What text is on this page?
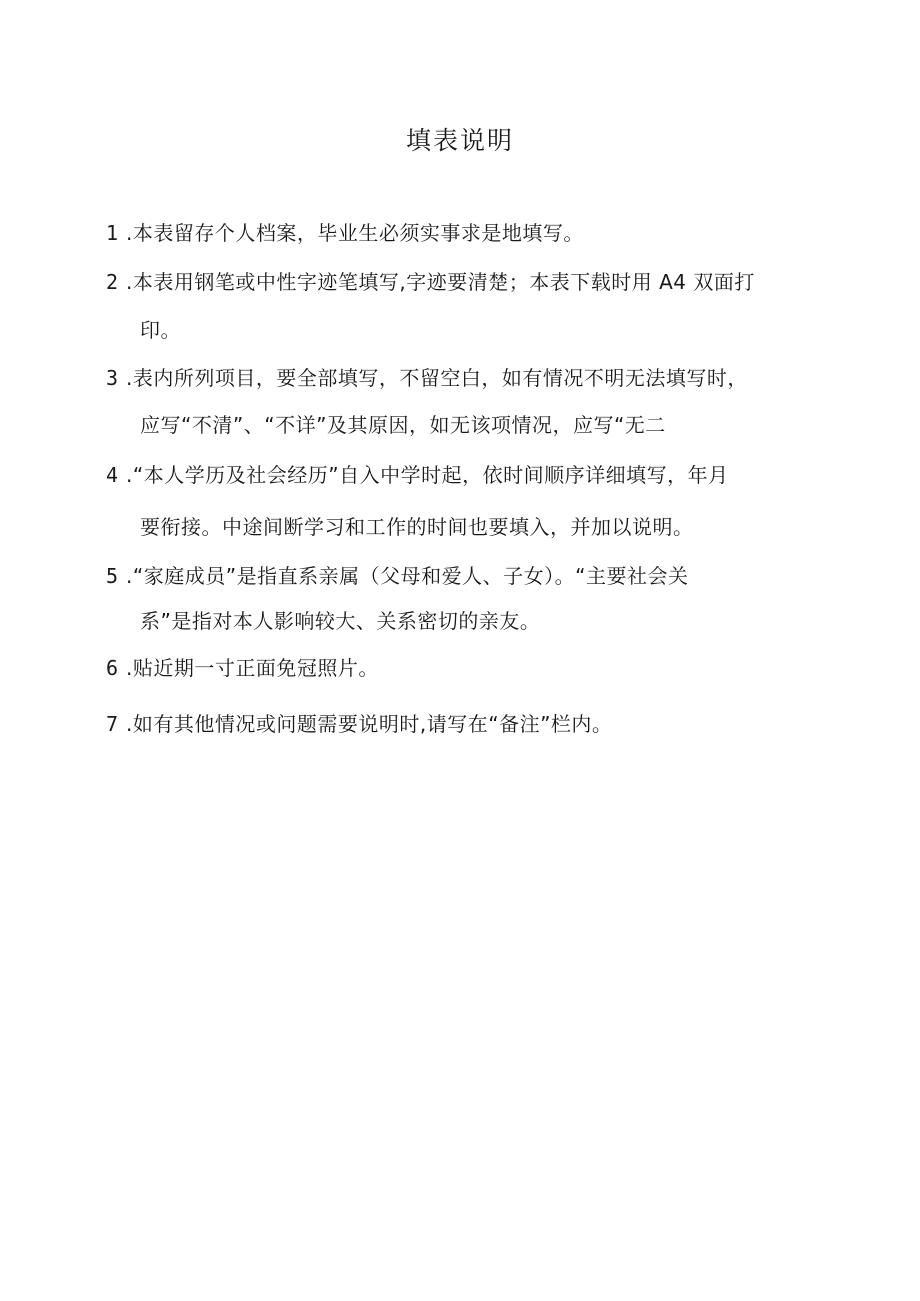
填表说明
1 .本表留存个人档案，毕业生必须实事求是地填写。
2 .本表用钢笔或中性字迹笔填写,字迹要清楚；本表下载时用 A4 双面打
印。
3 .表内所列项目，要全部填写，不留空白，如有情况不明无法填写时，
应写“不清”、“不详”及其原因，如无该项情况，应写“无二
4 .“本人学历及社会经历”自入中学时起，依时间顺序详细填写，年月
要衔接。中途间断学习和工作的时间也要填入，并加以说明。
5 .“家庭成员”是指直系亲属（父母和爱人、子女）。“主要社会关
系”是指对本人影响较大、关系密切的亲友。
6 .贴近期一寸正面免冠照片。
7 .如有其他情况或问题需要说明时,请写在“备注”栏内。
